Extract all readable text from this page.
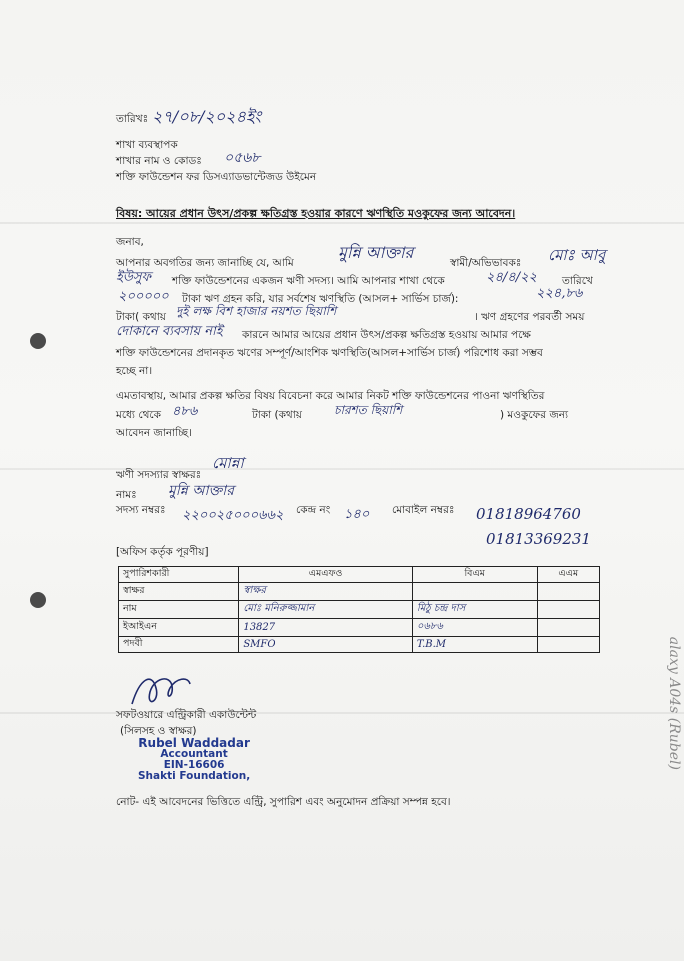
তারিখঃ ২৭/০৮/২০২৪ইং
শাখা ব্যবস্থাপক
শাখার নাম ও কোডঃ ০৫৬৮
শক্তি ফাউন্ডেশন ফর ডিসএ্যাডভান্টেজড উইমেন
বিষয়: আয়ের প্রধান উৎস/প্রকল্প ক্ষতিগ্রস্ত হওয়ার কারণে ঋণস্থিতি মওকুফের জন্য আবেদন।
জনাব,
আপনার অবগতির জন্য জানাচ্ছি যে, আমি
মুন্নি আক্তার
স্বামী/অভিভাবকঃ মোঃ আবু
ইউসুফ শক্তি ফাউন্ডেশনের একজন ঋণী সদস্য। আমি আপনার শাখা থেকে	২৪/৪/২২ তারিখে
২০০০০০ টাকা ঋণ গ্রহন করি, যার সর্বশেষ ঋণস্থিতি (আসল+ সার্ভিস চার্জ):	২২৪,৮৬
টাকা( কথায় দুই লক্ষ বিশ হাজার নয়শত ছিয়াশি	। ঋণ গ্রহণের পরবর্তী সময়
দোকানে ব্যবসায় নাই কারনে আমার আয়ের প্রধান উৎস/প্রকল্প ক্ষতিগ্রস্ত হওয়ায় আমার পক্ষে
শক্তি ফাউন্ডেশনের প্রদানকৃত ঋণের সম্পূর্ণ/আংশিক ঋণস্থিতি(আসল+সার্ভিস চার্জ) পরিশোধ করা সম্ভব
হচ্ছে না।
এমতাবস্থায়, আমার প্রকল্প ক্ষতির বিষয় বিবেচনা করে আমার নিকট শক্তি ফাউন্ডেশনের পাওনা ঋণস্থিতির
মধ্যে থেকে ৪৮৬	টাকা (কথায়	চারশত ছিয়াশি	) মওকুফের জন্য
আবেদন জানাচ্ছি।
ঋণী সদস্যার স্বাক্ষরঃ
মোন্না
নামঃ মুন্নি আক্তার
সদস্য নম্বরঃ ২২০০২৫০০০৬৬২ কেন্দ্র নং ১৪০ মোবাইল নম্বরঃ 01818964760
01813369231
[অফিস কর্তৃক পূরণীয়]
সুপারিশকারী	এমএফও	বিএম	এএম
স্বাক্ষর	স্বাক্ষর		
নাম	মোঃ মনিরুজ্জামান	মিঠু চন্দ্র দাস	
ইআইএন	13827	০৬৮৬	
পদবী	SMFO	T.B.M	
সফটওয়ারে এন্ট্রিকারী একাউন্টেন্ট
(সিলসহ ও স্বাক্ষর)
Rubel Waddadar
Accountant
EIN-16606
Shakti Foundation,
নোট- এই আবেদনের ভিত্তিতে এন্ট্রি, সুপারিশ এবং অনুমোদন প্রক্রিয়া সম্পন্ন হবে।
alaxy A04s (Rubel)
